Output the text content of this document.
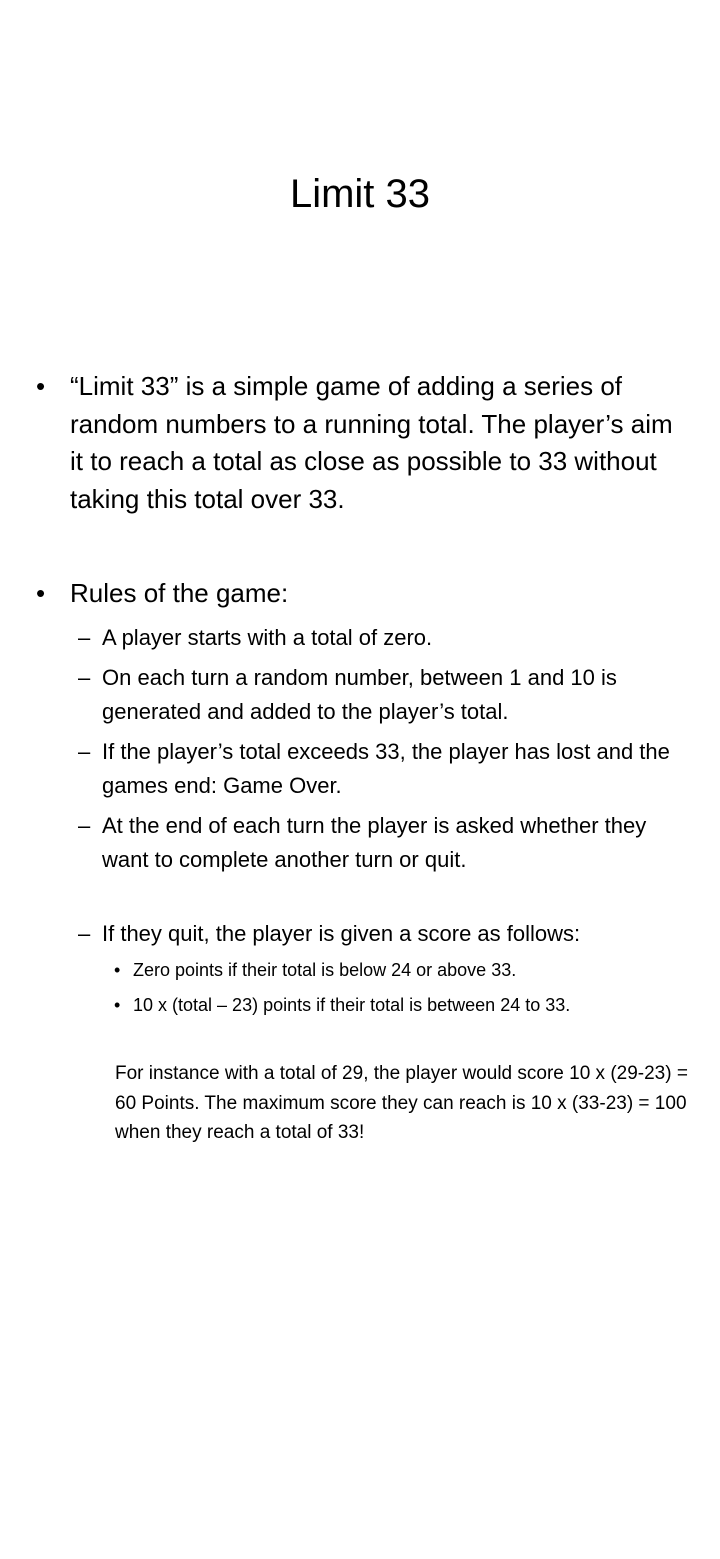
Limit 33
• “Limit 33” is a simple game of adding a series of random numbers to a running total. The player’s aim it to reach a total as close as possible to 33 without taking this total over 33.
• Rules of the game:
– A player starts with a total of zero.
– On each turn a random number, between 1 and 10 is generated and added to the player’s total.
– If the player’s total exceeds 33, the player has lost and the games end: Game Over.
– At the end of each turn the player is asked whether they want to complete another turn or quit.
– If they quit, the player is given a score as follows:
• Zero points if their total is below 24 or above 33.
• 10 x (total – 23) points if their total is between 24 to 33.
For instance with a total of 29, the player would score 10 x (29-23) = 60 Points. The maximum score they can reach is 10 x (33-23) = 100 when they reach a total of 33!
